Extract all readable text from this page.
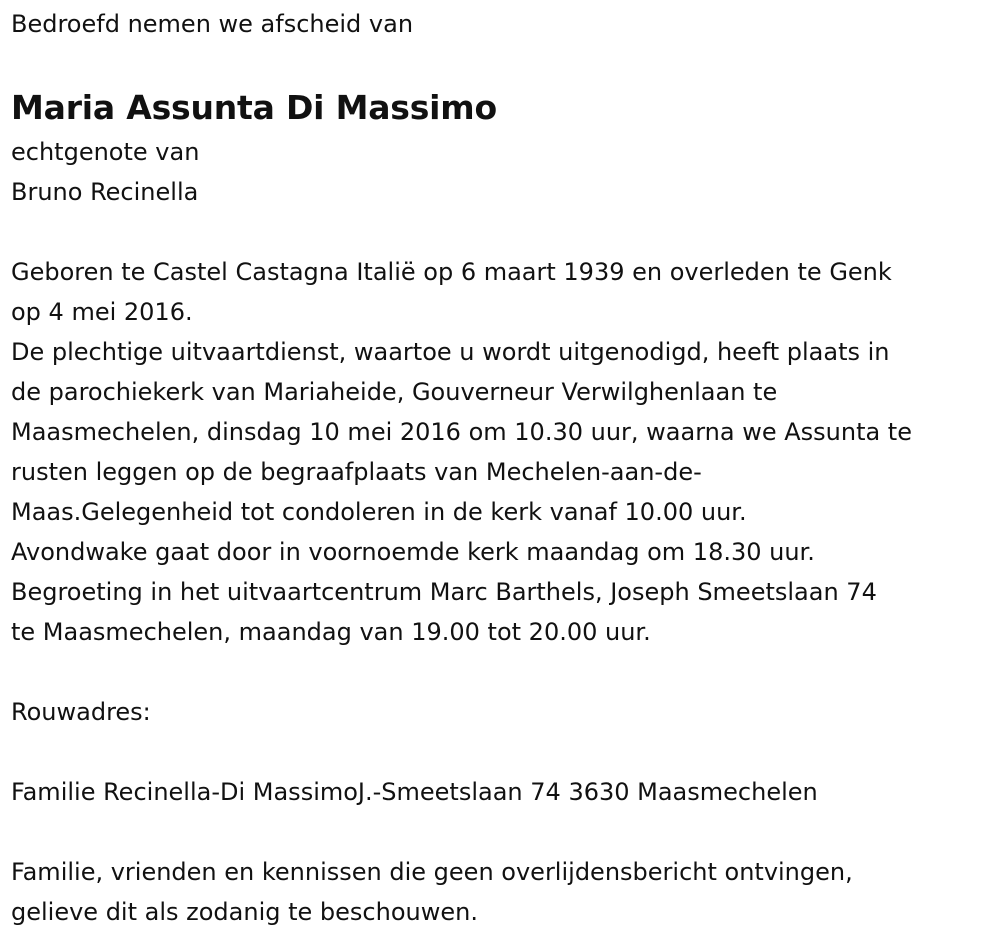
Bedroefd nemen we afscheid van
Maria Assunta Di Massimo
echtgenote van
Bruno Recinella
Geboren te Castel Castagna Italië op 6 maart 1939 en overleden te Genk
op 4 mei 2016.
De plechtige uitvaartdienst, waartoe u wordt uitgenodigd, heeft plaats in
de parochiekerk van Mariaheide, Gouverneur Verwilghenlaan te
Maasmechelen, dinsdag 10 mei 2016 om 10.30 uur, waarna we Assunta te
rusten leggen op de begraafplaats van Mechelen-aan-de-
Maas.Gelegenheid tot condoleren in de kerk vanaf 10.00 uur.
Avondwake gaat door in voornoemde kerk maandag om 18.30 uur.
Begroeting in het uitvaartcentrum Marc Barthels, Joseph Smeetslaan 74
te Maasmechelen, maandag van 19.00 tot 20.00 uur.
Rouwadres:
Familie Recinella-Di MassimoJ.-Smeetslaan 74 3630 Maasmechelen
Familie, vrienden en kennissen die geen overlijdensbericht ontvingen,
gelieve dit als zodanig te beschouwen.
